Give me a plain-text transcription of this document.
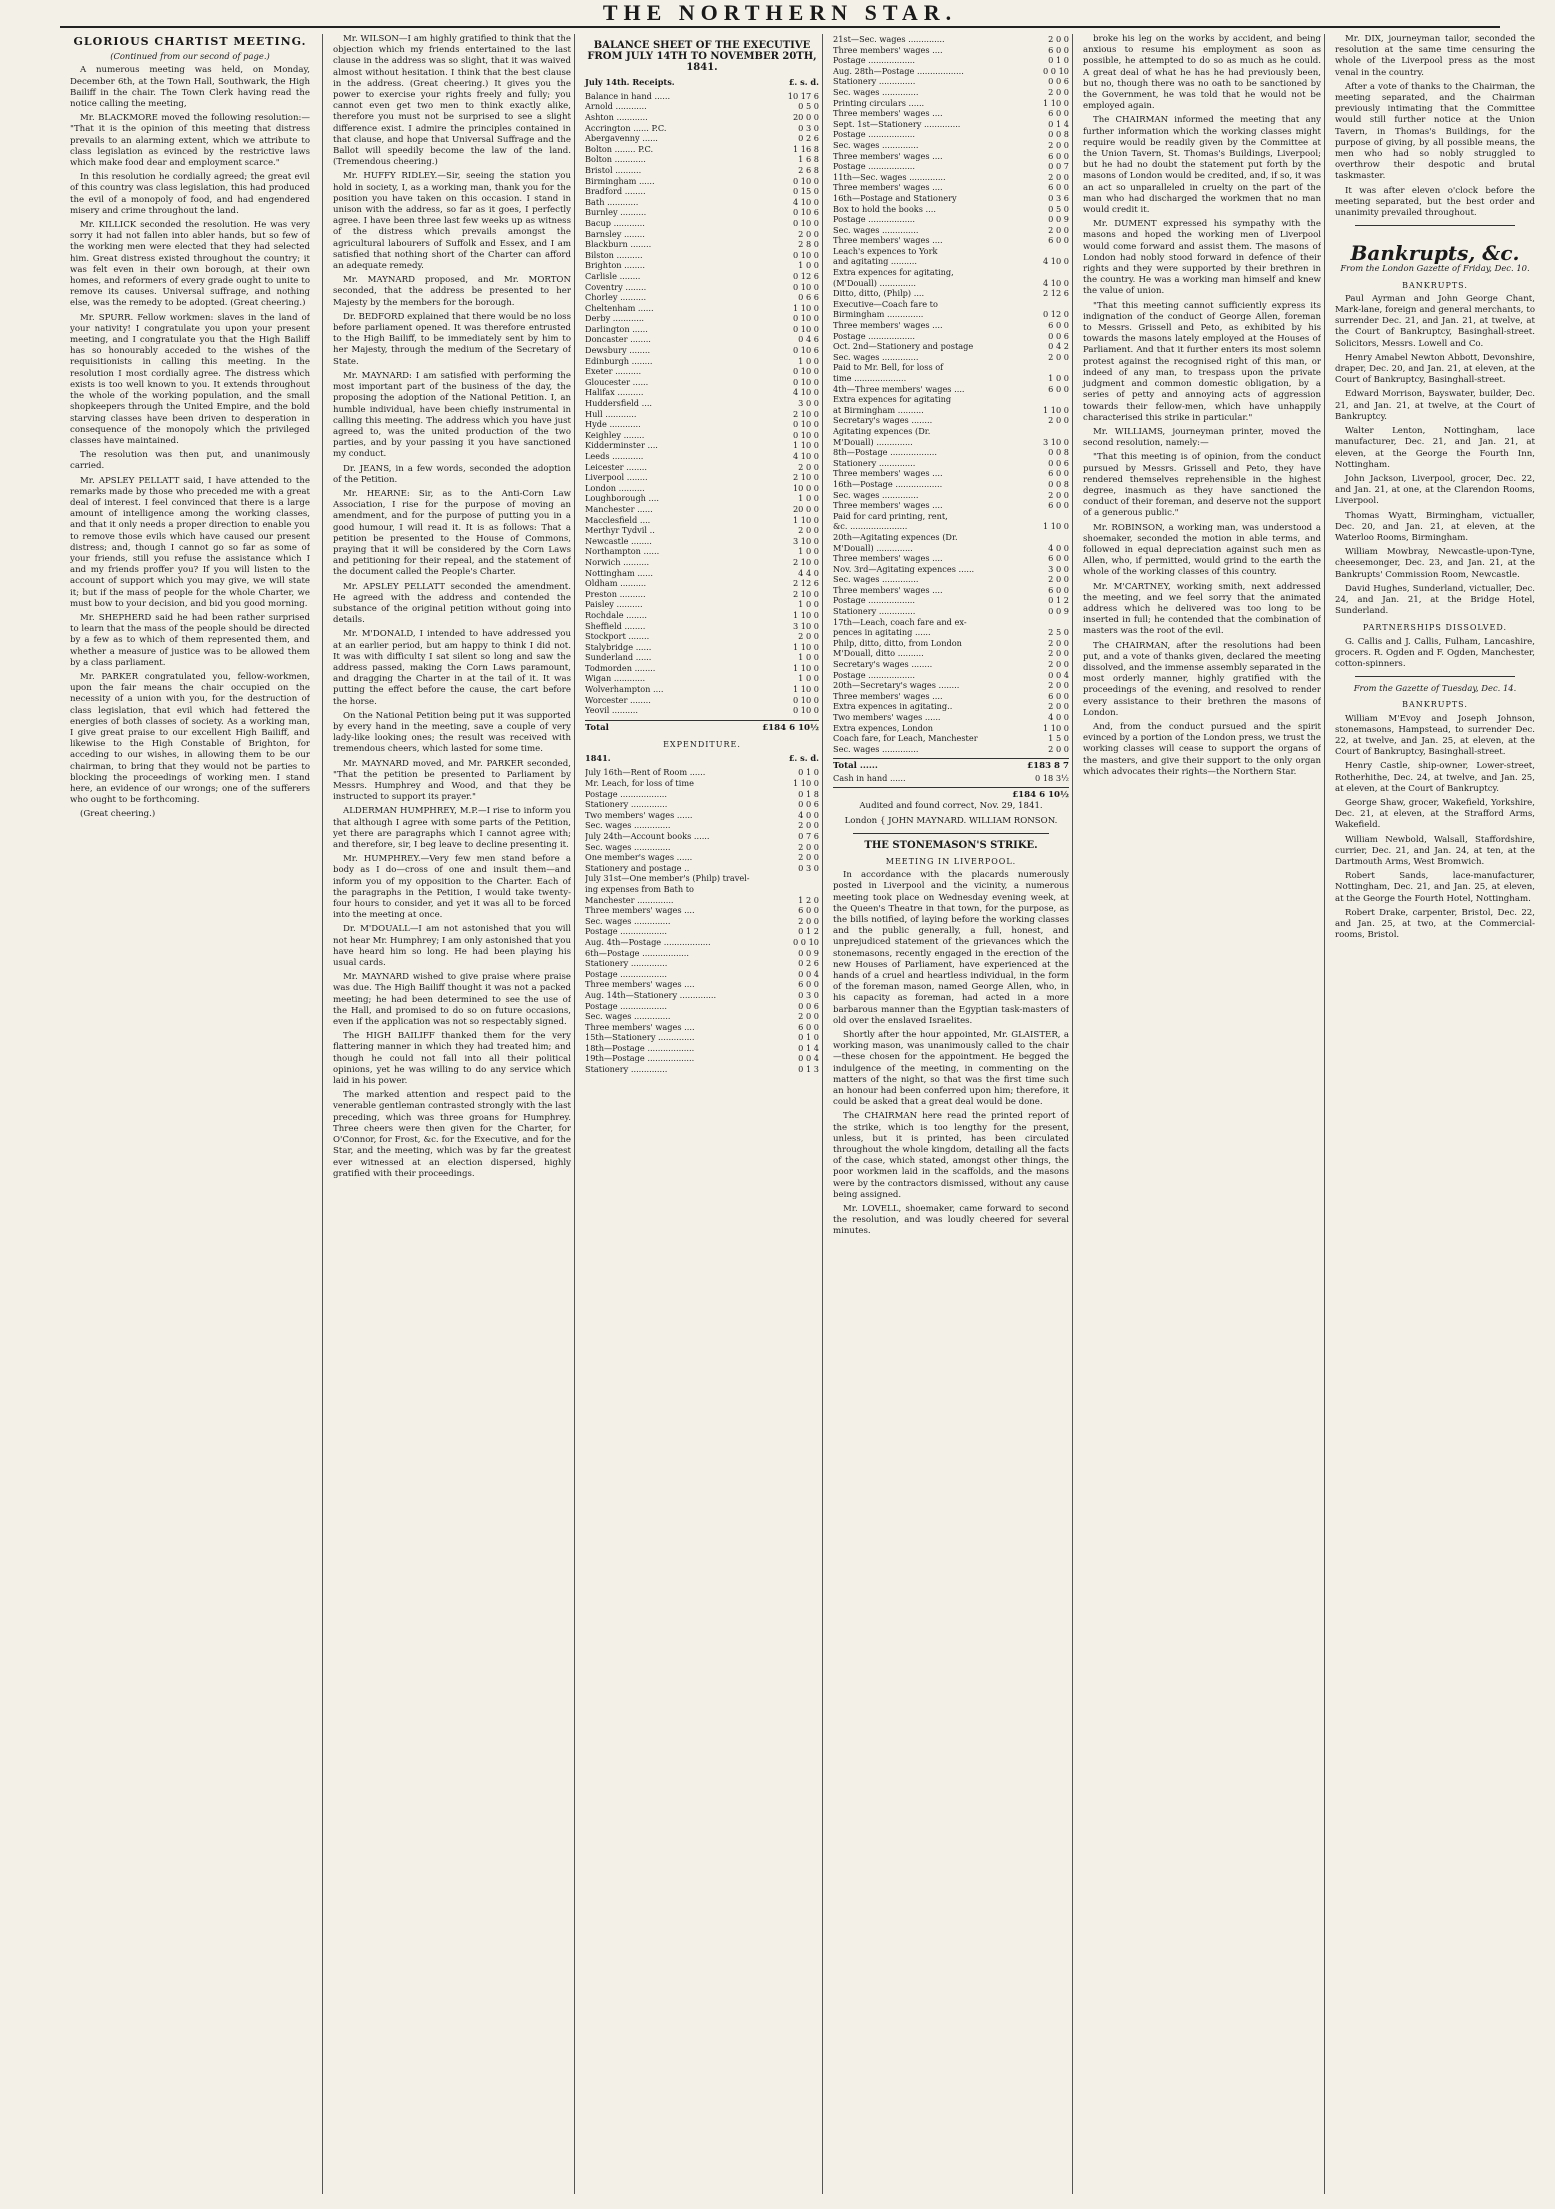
THE NORTHERN STAR.
GLORIOUS CHARTIST MEETING.
(Continued from our second of page.)

A numerous meeting was held, on Monday, December 6th, at the Town Hall, Southwark, the High Bailiff in the chair. The Town Clerk having read the notice calling the meeting,

Mr. BLACKMORE moved the following resolution:— "That it is the opinion of this meeting that distress prevails to an alarming extent, which we attribute to class legislation as evinced by the restrictive laws which make food dear and employment scarce."

In this resolution he cordially agreed; the great evil of this country was class legislation, this had produced the evil of a monopoly of food, and had engendered misery and crime throughout the land.

Mr. KILLICK seconded the resolution. He was very sorry it had not fallen into abler hands, but so few of the working men were elected that they had selected him. Great distress existed throughout the country; it was felt even in their own borough, at their own homes, and reformers of every grade ought to unite to remove its causes. Universal suffrage, and nothing else, was the remedy to be adopted. (Great cheering.)

Mr. SPURR. Fellow workmen: slaves in the land of your nativity! I congratulate you upon your present meeting, and I congratulate you that the High Bailiff has so honourably acceded to the wishes of the requisitionists in calling this meeting. In the resolution I most cordially agree. The distress which exists is too well known to you. It extends throughout the whole of the working population, and the small shopkeepers through the United Empire, and the bold starving classes have been driven to desperation in consequence of the monopoly which the privileged classes have maintained.

The resolution was then put, and unanimously carried.

Mr. APSLEY PELLATT said, I have attended to the remarks made by those who preceded me with a great deal of interest. I feel convinced that there is a large amount of intelligence among the working classes, and that it only needs a proper direction to enable you to remove those evils which have caused our present distress; and, though I cannot go so far as some of your friends, still you refuse the assistance which I and my friends proffer you? If you will listen to the account of support which you may give, we will state it; but if the mass of people for the whole Charter, we must bow to your decision, and bid you good morning.

Mr. SHEPHERD said he had been rather surprised to learn that the mass of the people should be directed by a few as to which of them represented them, and whether a measure of justice was to be allowed them by a class parliament.

Mr. PARKER congratulated you, fellow-workmen, upon the fair means the chair occupied on the necessity of a union with you, for the destruction of class legislation, that evil which had fettered the energies of both classes of society. As a working man, I give great praise to our excellent High Bailiff, and likewise to the High Constable of Brighton, for acceding to our wishes, in allowing them to be our chairman, to bring that they would not be parties to blocking the proceedings of working men. I stand here, an evidence of our wrongs; one of the sufferers who ought to be forthcoming.

(Great cheering.)

Mr. WILSON—I am highly gratified to think that the objection which my friends entertained to the last clause in the address was so slight, that it was waived almost without hesitation. I think that the best clause in the address. (Great cheering.) It gives you the power to exercise your rights freely and fully; you cannot even get two men to think exactly alike, therefore you must not be surprised to see a slight difference exist. I admire the principles contained in that clause, and hope that Universal Suffrage and the Ballot will speedily become the law of the land. (Tremendous cheering.)

Mr. HUFFY RIDLEY.—Sir, seeing the station you hold in society, I, as a working man, thank you for the position you have taken on this occasion. I stand in unison with the address, so far as it goes, I perfectly agree. I have been three last few weeks up as witness of the distress which prevails amongst the agricultural labourers of Suffolk and Essex, and I am satisfied that nothing short of the Charter can afford an adequate remedy.

Mr. MAYNARD proposed, and Mr. MORTON seconded, that the address be presented to her Majesty by the members for the borough.

Dr. BEDFORD explained that there would be no loss before parliament opened. It was therefore entrusted to the High Bailiff, to be immediately sent by him to her Majesty, through the medium of the Secretary of State.

Mr. MAYNARD: I am satisfied with performing the most important part of the business of the day, the proposing the adoption of the National Petition. I, an humble individual, have been chiefly instrumental in calling this meeting. The address which you have just agreed to, was the united production of the two parties, and by your passing it you have sanctioned my conduct.

Dr. JEANS, in a few words, seconded the adoption of the Petition.

Mr. HEARNE: Sir, as to the Anti-Corn Law Association, I rise for the purpose of moving an amendment, and for the purpose of putting you in a good humour, I will read it. It is as follows: That a petition be presented to the House of Commons, praying that it will be considered by the Corn Laws and petitioning for their repeal, and the statement of the document called the People's Charter.

Mr. APSLEY PELLATT seconded the amendment. He agreed with the address and contended the substance of the original petition without going into details.

Mr. M'DONALD, I intended to have addressed you at an earlier period, but am happy to think I did not. It was with difficulty I sat silent so long and saw the address passed, making the Corn Laws paramount, and dragging the Charter in at the tail of it. It was putting the effect before the cause, the cart before the horse.

On the National Petition being put it was supported by every hand in the meeting, save a couple of very lady-like looking ones; the result was received with tremendous cheers, which lasted for some time.

Mr. MAYNARD moved, and Mr. PARKER seconded, "That the petition be presented to Parliament by Messrs. Humphrey and Wood, and that they be instructed to support its prayer."

ALDERMAN HUMPHREY, M.P.—I rise to inform you that although I agree with some parts of the Petition, yet there are paragraphs which I cannot agree with; and therefore, sir, I beg leave to decline presenting it.

Mr. HUMPHREY.—Very few men stand before a body as I do—cross of one and insult them—and inform you of my opposition to the Charter. Each of the paragraphs in the Petition, I would take twenty-four hours to consider, and yet it was all to be forced into the meeting at once.

Dr. M'DOUALL—I am not astonished that you will not hear Mr. Humphrey; I am only astonished that you have heard him so long. He had been playing his usual cards.

Mr. MAYNARD wished to give praise where praise was due. The High Bailiff thought it was not a packed meeting; he had been determined to see the use of the Hall, and promised to do so on future occasions, even if the application was not so respectably signed.

The HIGH BAILIFF thanked them for the very flattering manner in which they had treated him; and though he could not fall into all their political opinions, yet he was willing to do any service which laid in his power.

The marked attention and respect paid to the venerable gentleman contrasted strongly with the last preceding, which was three groans for Humphrey. Three cheers were then given for the Charter, for O'Connor, for Frost, &c. for the Executive, and for the Star, and the meeting, which was by far the greatest ever witnessed at an election dispersed, highly gratified with their proceedings.

BALANCE SHEET OF THE EXECUTIVE FROM JULY 14TH TO NOVEMBER 20TH, 1841.
July 14th. Receipts.	£. s. d.
Balance in hand ......	10 17 6
Arnold ............	0 5 0
Ashton ............	20 0 0
Accrington ...... P.C.	0 3 0
Abergavenny ......	0 2 6
Bolton ........ P.C.	1 16 8
Bolton ............	1 6 8
Bristol ..........	2 6 8
Birmingham ......	0 10 0
Bradford ........	0 15 0
Bath ............	4 10 0
Burnley ..........	0 10 6
Bacup ............	0 10 0
Barnsley ........	2 0 0
Blackburn ........	2 8 0
Bilston ..........	0 10 0
Brighton ........	1 0 0
Carlisle ........	0 12 6
Coventry ........	0 10 0
Chorley ..........	0 6 6
Cheltenham ......	1 10 0
Derby ............	0 10 0
Darlington ......	0 10 0
Doncaster ........	0 4 6
Dewsbury ........	0 10 6
Edinburgh ........	1 0 0
Exeter ..........	0 10 0
Gloucester ......	0 10 0
Halifax ..........	4 10 0
Huddersfield ....	3 0 0
Hull ............	2 10 0
Hyde ............	0 10 0
Keighley ........	0 10 0
Kidderminster ....	1 10 0
Leeds ............	4 10 0
Leicester ........	2 0 0
Liverpool ........	2 10 0
London ..........	10 0 0
Loughborough ....	1 0 0
Manchester ......	20 0 0
Macclesfield ....	1 10 0
Merthyr Tydvil ..	2 0 0
Newcastle ........	3 10 0
Northampton ......	1 0 0
Norwich ..........	2 10 0
Nottingham ......	4 4 0
Oldham ..........	2 12 6
Preston ..........	2 10 0
Paisley ..........	1 0 0
Rochdale ........	1 10 0
Sheffield ........	3 10 0
Stockport ........	2 0 0
Stalybridge ......	1 10 0
Sunderland ......	1 0 0
Todmorden ........	1 10 0
Wigan ............	1 0 0
Wolverhampton ....	1 10 0
Worcester ........	0 10 0
Yeovil ..........	0 10 0
Total	£184 6 10½
EXPENDITURE.
1841.	£. s. d.
July 16th—Rent of Room ......	0 1 0
Mr. Leach, for loss of time	1 10 0
Postage ..................	0 1 8
Stationery ..............	0 0 6
Two members' wages ......	4 0 0
Sec. wages ..............	2 0 0
July 24th—Account books ......	0 7 6
Sec. wages ..............	2 0 0
One member's wages ......	2 0 0
Stationery and postage ..	0 3 0
July 31st—One member's (Philp) travel-
ing expenses from Bath to
Manchester ..............	1 2 0
Three members' wages ....	6 0 0
Sec. wages ..............	2 0 0
Postage ..................	0 1 2
Aug. 4th—Postage ..................	0 0 10
6th—Postage ..................	0 0 9
Stationery ..............	0 2 6
Postage ..................	0 0 4
Three members' wages ....	6 0 0
Aug. 14th—Stationery ..............	0 3 0
Postage ..................	0 0 6
Sec. wages ..............	2 0 0
Three members' wages ....	6 0 0
15th—Stationery ..............	0 1 0
18th—Postage ..................	0 1 4
19th—Postage ..................	0 0 4
Stationery ..............	0 1 3
21st—Sec. wages ..............	2 0 0
Three members' wages ....	6 0 0
Postage ..................	0 1 0
Aug. 28th—Postage ..................	0 0 10
Stationery ..............	0 0 6
Sec. wages ..............	2 0 0
Printing circulars ......	1 10 0
Three members' wages ....	6 0 0
Sept. 1st—Stationery ..............	0 1 4
Postage ..................	0 0 8
Sec. wages ..............	2 0 0
Three members' wages ....	6 0 0
Postage ..................	0 0 7
11th—Sec. wages ..............	2 0 0
Three members' wages ....	6 0 0
16th—Postage and Stationery	0 3 6
Box to hold the books ....	0 5 0
Postage ..................	0 0 9
Sec. wages ..............	2 0 0
Three members' wages ....	6 0 0
Leach's expences to York
and agitating ..........	4 10 0
Extra expences for agitating,
(M'Douall) ..............	4 10 0
Ditto, ditto, (Philp) ....	2 12 6
Executive—Coach fare to
Birmingham ..............	0 12 0
Three members' wages ....	6 0 0
Postage ..................	0 0 6
Oct. 2nd—Stationery and postage	0 4 2
Sec. wages ..............	2 0 0
Paid to Mr. Bell, for loss of
time ....................	1 0 0
4th—Three members' wages ....	6 0 0
Extra expences for agitating
at Birmingham ..........	1 10 0
Secretary's wages ........	2 0 0
Agitating expences (Dr.
M'Douall) ..............	3 10 0
8th—Postage ..................	0 0 8
Stationery ..............	0 0 6
Three members' wages ....	6 0 0
16th—Postage ..................	0 0 8
Sec. wages ..............	2 0 0
Three members' wages ....	6 0 0
Paid for card printing, rent,
&c. ......................	1 10 0
20th—Agitating expences (Dr.
M'Douall) ..............	4 0 0
Three members' wages ....	6 0 0
Nov. 3rd—Agitating expences ......	3 0 0
Sec. wages ..............	2 0 0
Three members' wages ....	6 0 0
Postage ..................	0 1 2
Stationery ..............	0 0 9
17th—Leach, coach fare and ex-
pences in agitating ......	2 5 0
Philp, ditto, ditto, from London	2 0 0
M'Douall, ditto ..........	2 0 0
Secretary's wages ........	2 0 0
Postage ..................	0 0 4
20th—Secretary's wages ........	2 0 0
Three members' wages ....	6 0 0
Extra expences in agitating..	2 0 0
Two members' wages ......	4 0 0
Extra expences, London	1 10 0
Coach fare, for Leach, Manchester	1 5 0
Sec. wages ..............	2 0 0
Total ......	£183 8 7
Cash in hand ......	0 18 3½
£184 6 10½

Audited and found correct, Nov. 29, 1841.

London { JOHN MAYNARD. WILLIAM RONSON.

THE STONEMASON'S STRIKE.
MEETING IN LIVERPOOL.

In accordance with the placards numerously posted in Liverpool and the vicinity, a numerous meeting took place on Wednesday evening week, at the Queen's Theatre in that town, for the purpose, as the bills notified, of laying before the working classes and the public generally, a full, honest, and unprejudiced statement of the grievances which the stonemasons, recently engaged in the erection of the new Houses of Parliament, have experienced at the hands of a cruel and heartless individual, in the form of the foreman mason, named George Allen, who, in his capacity as foreman, had acted in a more barbarous manner than the Egyptian task-masters of old over the enslaved Israelites.

Shortly after the hour appointed, Mr. GLAISTER, a working mason, was unanimously called to the chair—these chosen for the appointment. He begged the indulgence of the meeting, in commenting on the matters of the night, so that was the first time such an honour had been conferred upon him; therefore, it could be asked that a great deal would be done.

The CHAIRMAN here read the printed report of the strike, which is too lengthy for the present, unless, but it is printed, has been circulated throughout the whole kingdom, detailing all the facts of the case, which stated, amongst other things, the poor workmen laid in the scaffolds, and the masons were by the contractors dismissed, without any cause being assigned.

Mr. LOVELL, shoemaker, came forward to second the resolution, and was loudly cheered for several minutes.

broke his leg on the works by accident, and being anxious to resume his employment as soon as possible, he attempted to do so as much as he could. A great deal of what he has he had previously been, but no, though there was no oath to be sanctioned by the Government, he was told that he would not be employed again.

The CHAIRMAN informed the meeting that any further information which the working classes might require would be readily given by the Committee at the Union Tavern, St. Thomas's Buildings, Liverpool; but he had no doubt the statement put forth by the masons of London would be credited, and, if so, it was an act so unparalleled in cruelty on the part of the man who had discharged the workmen that no man would credit it.

Mr. DUMENT expressed his sympathy with the masons and hoped the working men of Liverpool would come forward and assist them. The masons of London had nobly stood forward in defence of their rights and they were supported by their brethren in the country. He was a working man himself and knew the value of union.

"That this meeting cannot sufficiently express its indignation of the conduct of George Allen, foreman to Messrs. Grissell and Peto, as exhibited by his towards the masons lately employed at the Houses of Parliament. And that it further enters its most solemn protest against the recognised right of this man, or indeed of any man, to trespass upon the private judgment and common domestic obligation, by a series of petty and annoying acts of aggression towards their fellow-men, which have unhappily characterised this strike in particular."

Mr. WILLIAMS, journeyman printer, moved the second resolution, namely:—

"That this meeting is of opinion, from the conduct pursued by Messrs. Grissell and Peto, they have rendered themselves reprehensible in the highest degree, inasmuch as they have sanctioned the conduct of their foreman, and deserve not the support of a generous public."

Mr. ROBINSON, a working man, was understood a shoemaker, seconded the motion in able terms, and followed in equal depreciation against such men as Allen, who, if permitted, would grind to the earth the whole of the working classes of this country.

Mr. M'CARTNEY, working smith, next addressed the meeting, and we feel sorry that the animated address which he delivered was too long to be inserted in full; he contended that the combination of masters was the root of the evil.

The CHAIRMAN, after the resolutions had been put, and a vote of thanks given, declared the meeting dissolved, and the immense assembly separated in the most orderly manner, highly gratified with the proceedings of the evening, and resolved to render every assistance to their brethren the masons of London.

And, from the conduct pursued and the spirit evinced by a portion of the London press, we trust the working classes will cease to support the organs of the masters, and give their support to the only organ which advocates their rights—the Northern Star.

Mr. DIX, journeyman tailor, seconded the resolution at the same time censuring the whole of the Liverpool press as the most venal in the country.

After a vote of thanks to the Chairman, the meeting separated, and the Chairman previously intimating that the Committee would still further notice at the Union Tavern, in Thomas's Buildings, for the purpose of giving, by all possible means, the men who had so nobly struggled to overthrow their despotic and brutal taskmaster.

It was after eleven o'clock before the meeting separated, but the best order and unanimity prevailed throughout.

Bankrupts, &c.
From the London Gazette of Friday, Dec. 10.
BANKRUPTS.

Paul Ayrman and John George Chant, Mark-lane, foreign and general merchants, to surrender Dec. 21, and Jan. 21, at twelve, at the Court of Bankruptcy, Basinghall-street. Solicitors, Messrs. Lowell and Co.

Henry Amabel Newton Abbott, Devonshire, draper, Dec. 20, and Jan. 21, at eleven, at the Court of Bankruptcy, Basinghall-street.

Edward Morrison, Bayswater, builder, Dec. 21, and Jan. 21, at twelve, at the Court of Bankruptcy.

Walter Lenton, Nottingham, lace manufacturer, Dec. 21, and Jan. 21, at eleven, at the George the Fourth Inn, Nottingham.

John Jackson, Liverpool, grocer, Dec. 22, and Jan. 21, at one, at the Clarendon Rooms, Liverpool.

Thomas Wyatt, Birmingham, victualler, Dec. 20, and Jan. 21, at eleven, at the Waterloo Rooms, Birmingham.

William Mowbray, Newcastle-upon-Tyne, cheesemonger, Dec. 23, and Jan. 21, at the Bankrupts' Commission Room, Newcastle.

David Hughes, Sunderland, victualler, Dec. 24, and Jan. 21, at the Bridge Hotel, Sunderland.

PARTNERSHIPS DISSOLVED.

G. Callis and J. Callis, Fulham, Lancashire, grocers. R. Ogden and F. Ogden, Manchester, cotton-spinners.

From the Gazette of Tuesday, Dec. 14.
BANKRUPTS.

William M'Evoy and Joseph Johnson, stonemasons, Hampstead, to surrender Dec. 22, at twelve, and Jan. 25, at eleven, at the Court of Bankruptcy, Basinghall-street.

Henry Castle, ship-owner, Lower-street, Rotherhithe, Dec. 24, at twelve, and Jan. 25, at eleven, at the Court of Bankruptcy.

George Shaw, grocer, Wakefield, Yorkshire, Dec. 21, at eleven, at the Strafford Arms, Wakefield.

William Newbold, Walsall, Staffordshire, currier, Dec. 21, and Jan. 24, at ten, at the Dartmouth Arms, West Bromwich.

Robert Sands, lace-manufacturer, Nottingham, Dec. 21, and Jan. 25, at eleven, at the George the Fourth Hotel, Nottingham.

Robert Drake, carpenter, Bristol, Dec. 22, and Jan. 25, at two, at the Commercial-rooms, Bristol.
